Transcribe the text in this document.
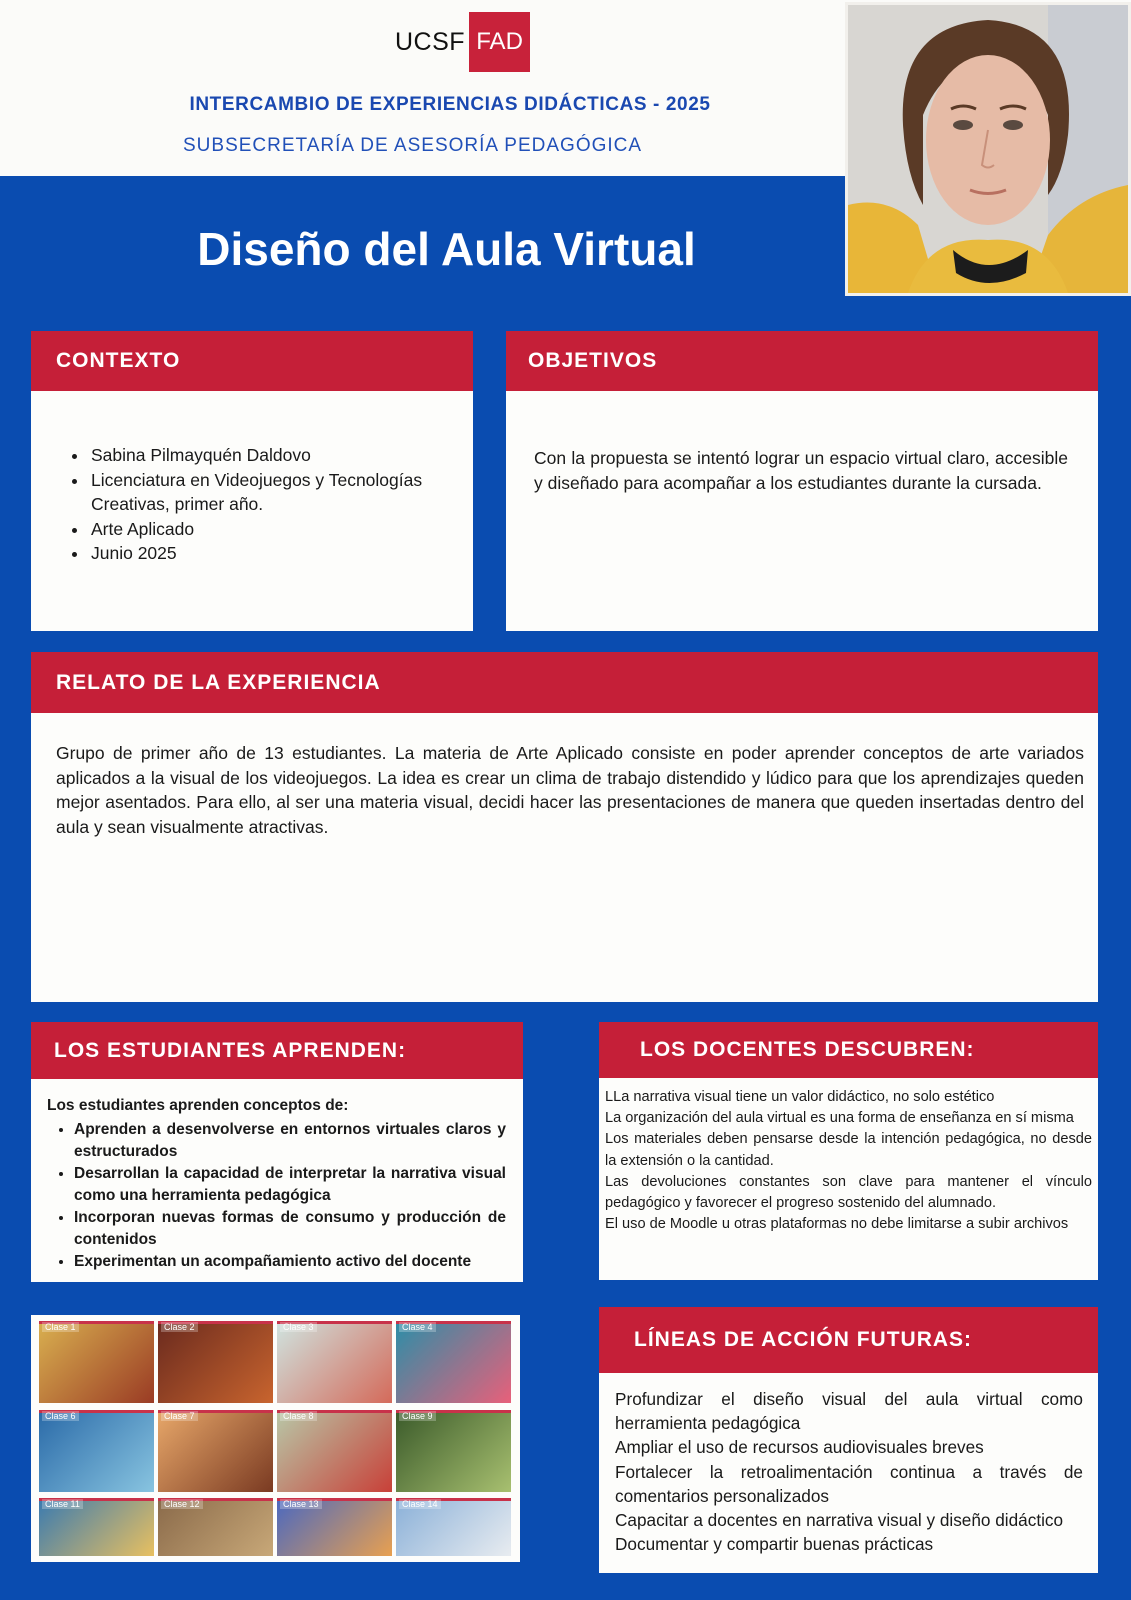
UCSF FAD
INTERCAMBIO DE EXPERIENCIAS DIDÁCTICAS - 2025
SUBSECRETARÍA DE ASESORÍA PEDAGÓGICA
Diseño del Aula Virtual
CONTEXTO
• Sabina Pilmayquén Daldovo
• Licenciatura en Videojuegos y Tecnologías Creativas, primer año.
• Arte Aplicado
• Junio 2025
OBJETIVOS

Con la propuesta se intentó lograr un espacio virtual claro, accesible y diseñado para acompañar a los estudiantes durante la cursada.

RELATO DE LA EXPERIENCIA

Grupo de primer año de 13 estudiantes. La materia de Arte Aplicado consiste en poder aprender conceptos de arte variados aplicados a la visual de los videojuegos. La idea es crear un clima de trabajo distendido y lúdico para que los aprendizajes queden mejor asentados. Para ello, al ser una materia visual, decidi hacer las presentaciones de manera que queden insertadas dentro del aula y sean visualmente atractivas.

LOS ESTUDIANTES APRENDEN:
Los estudiantes aprenden conceptos de:
• Aprenden a desenvolverse en entornos virtuales claros y estructurados
• Desarrollan la capacidad de interpretar la narrativa visual como una herramienta pedagógica
• Incorporan nuevas formas de consumo y producción de contenidos
• Experimentan un acompañamiento activo del docente
LOS DOCENTES DESCUBREN:
LLa narrativa visual tiene un valor didáctico, no solo estético
La organización del aula virtual es una forma de enseñanza en sí misma
Los materiales deben pensarse desde la intención pedagógica, no desde la extensión o la cantidad.
Las devoluciones constantes son clave para mantener el vínculo pedagógico y favorecer el progreso sostenido del alumnado.
El uso de Moodle u otras plataformas no debe limitarse a subir archivos
Clase 1	Clase 2	Clase 3	Clase 4
Clase 6	Clase 7	Clase 8	Clase 9
Clase 11	Clase 12	Clase 13	Clase 14
LÍNEAS DE ACCIÓN FUTURAS:
Profundizar el diseño visual del aula virtual como herramienta pedagógica
Ampliar el uso de recursos audiovisuales breves
Fortalecer la retroalimentación continua a través de comentarios personalizados
Capacitar a docentes en narrativa visual y diseño didáctico
Documentar y compartir buenas prácticas
